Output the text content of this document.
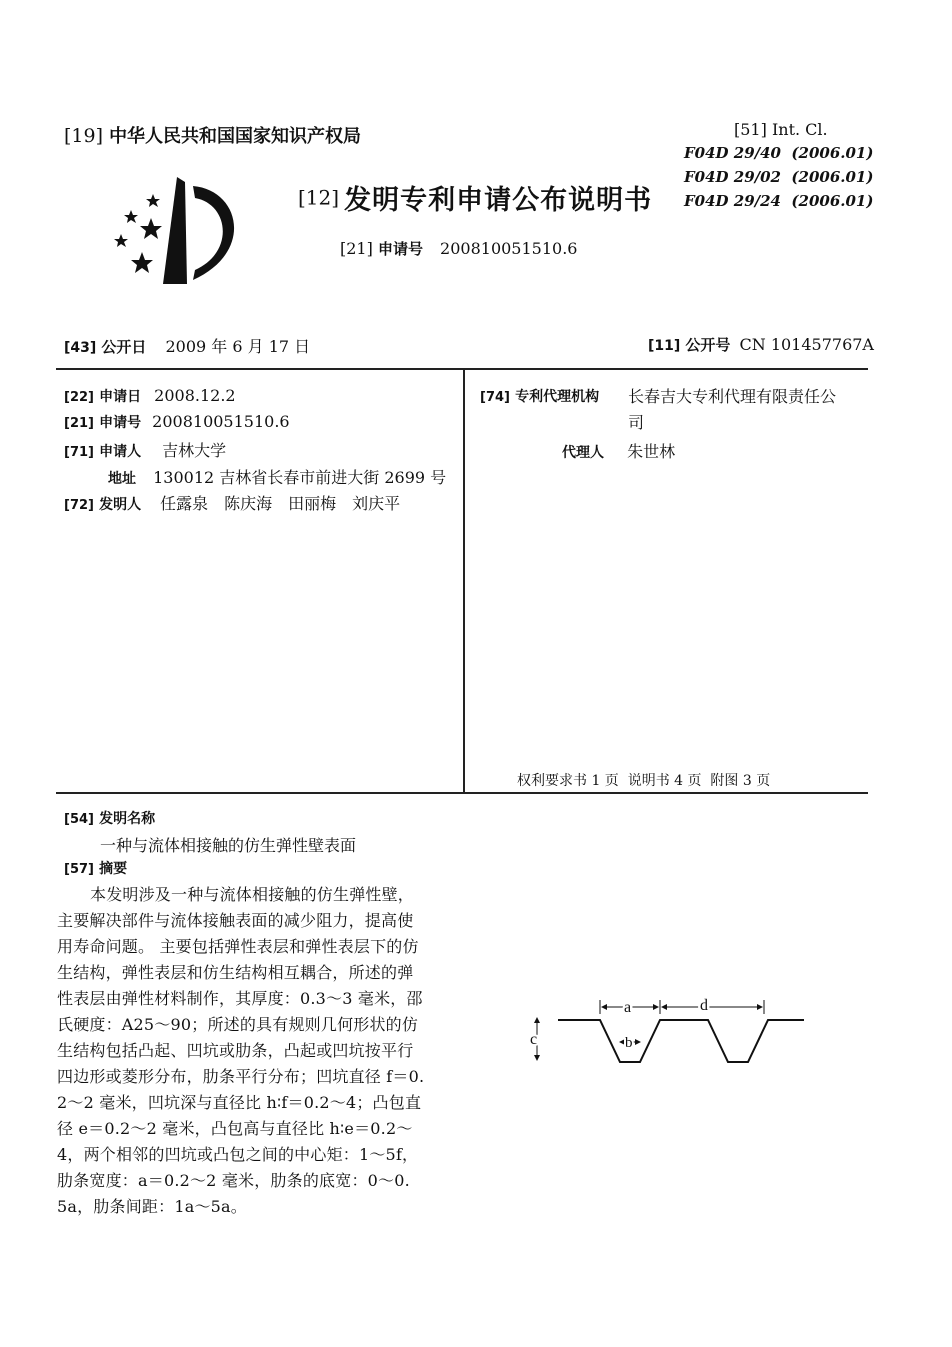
[19] 中华人民共和国国家知识产权局
[12] 发明专利申请公布说明书
[21] 申请号 200810051510.6
[51] Int. Cl.
F04D 29/40  (2006.01)
F04D 29/02  (2006.01)
F04D 29/24  (2006.01)
[43] 公开日 2009 年 6 月 17 日	[11] 公开号 CN 101457767A
[22] 申请日 2008.12.2
[21] 申请号 200810051510.6
[71] 申请人 吉林大学
地址 130012 吉林省长春市前进大街 2699 号
[72] 发明人 任露泉　陈庆海　田丽梅　刘庆平
[74] 专利代理机构 长春吉大专利代理有限责任公
司
代理人 朱世林
权利要求书 1 页  说明书 4 页  附图 3 页
[54] 发明名称
一种与流体相接触的仿生弹性壁表面
[57] 摘要
本发明涉及一种与流体相接触的仿生弹性壁，
主要解决部件与流体接触表面的减少阻力，提高使
用寿命问题。 主要包括弹性表层和弹性表层下的仿
生结构，弹性表层和仿生结构相互耦合，所述的弹
性表层由弹性材料制作，其厚度：0.3～3 毫米，邵
氏硬度：A25～90；所述的具有规则几何形状的仿
生结构包括凸起、凹坑或肋条，凸起或凹坑按平行
四边形或菱形分布，肋条平行分布；凹坑直径 f＝0.
2～2 毫米，凹坑深与直径比 h∶f＝0.2～4；凸包直
径 e＝0.2～2 毫米，凸包高与直径比 h∶e＝0.2～
4，两个相邻的凹坑或凸包之间的中心矩：1～5f，
肋条宽度：a＝0.2～2 毫米，肋条的底宽：0～0.
5a，肋条间距：1a～5a。
a	d
b
c
